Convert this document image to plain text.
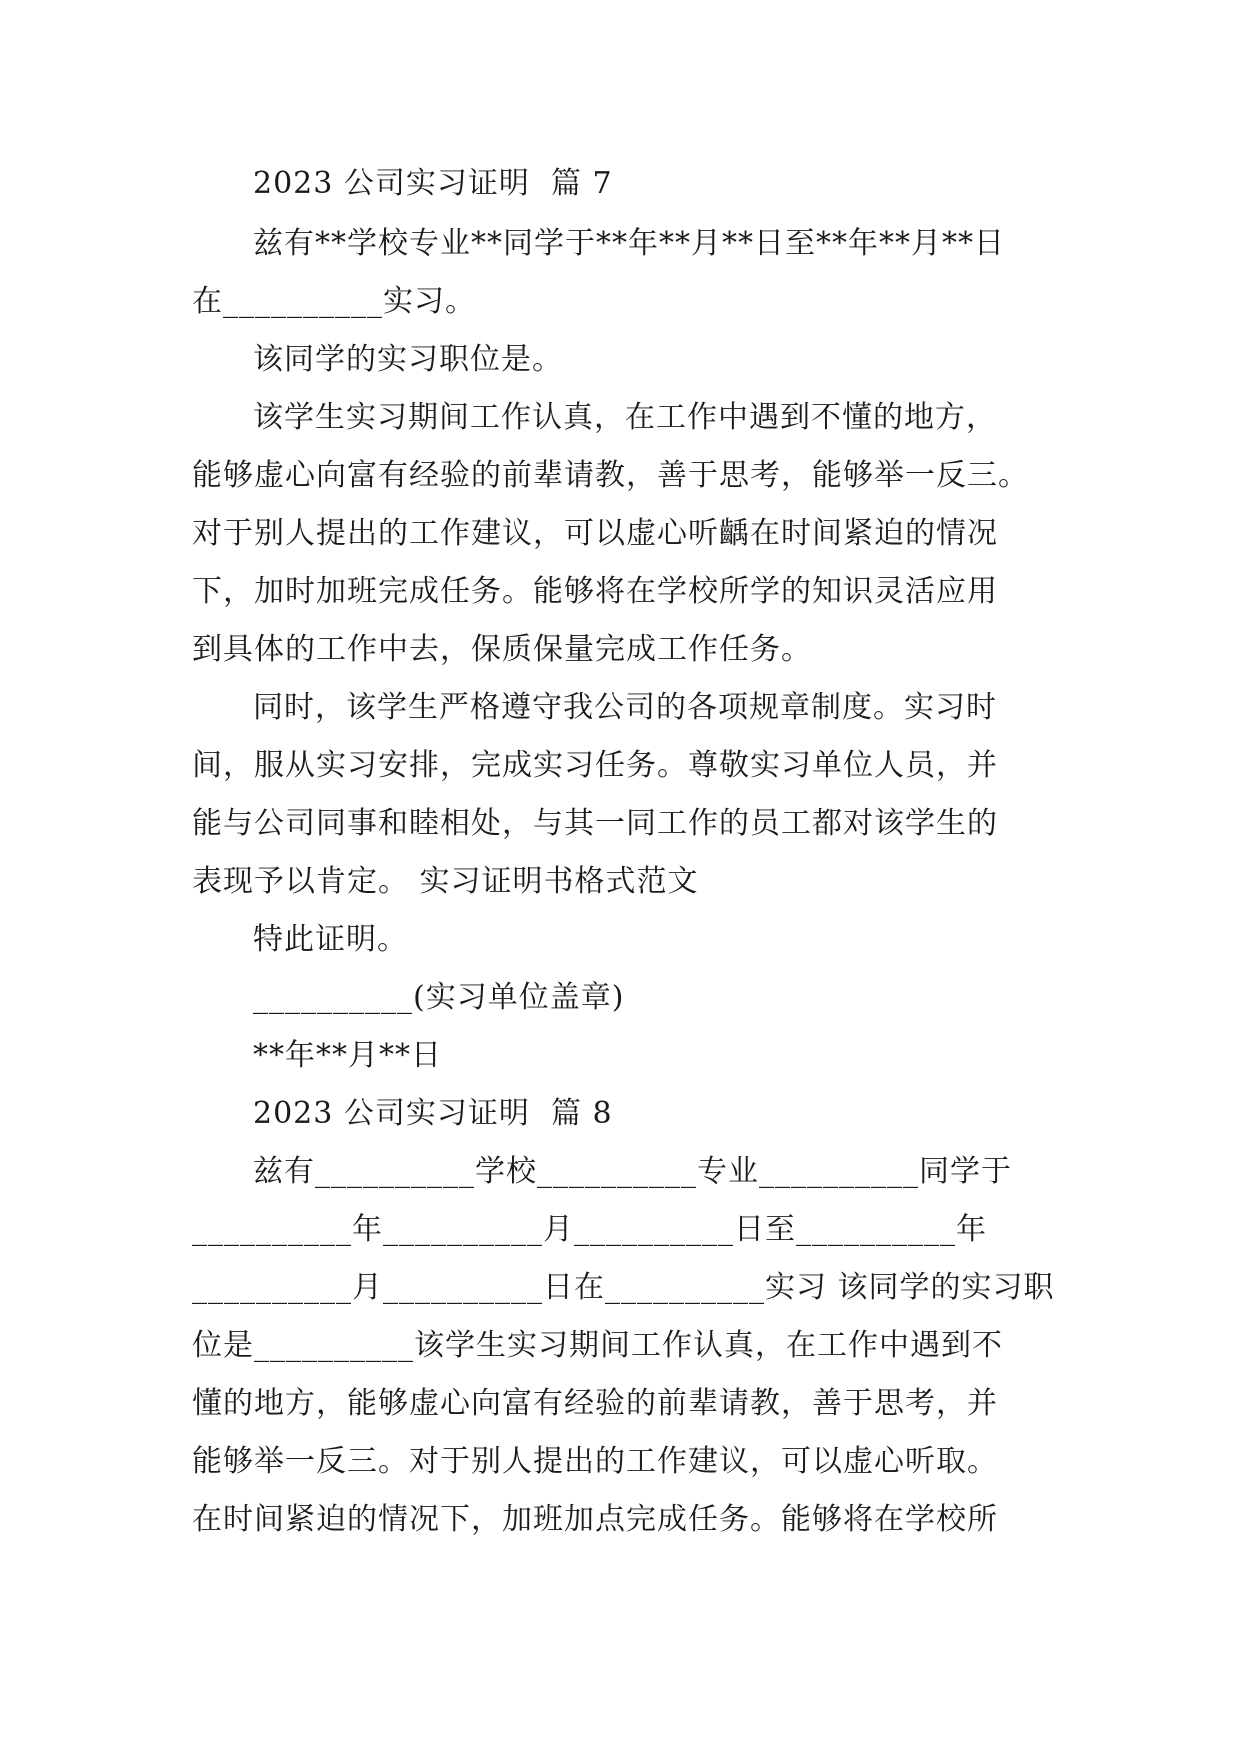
2023 公司实习证明  篇 7
兹有**学校专业**同学于**年**月**日至**年**月**日
在__________实习。
该同学的实习职位是。
该学生实习期间工作认真，在工作中遇到不懂的地方，
能够虚心向富有经验的前辈请教，善于思考，能够举一反三。
对于别人提出的工作建议，可以虚心听齲在时间紧迫的情况
下，加时加班完成任务。能够将在学校所学的知识灵活应用
到具体的工作中去，保质保量完成工作任务。
同时，该学生严格遵守我公司的各项规章制度。实习时
间，服从实习安排，完成实习任务。尊敬实习单位人员，并
能与公司同事和睦相处，与其一同工作的员工都对该学生的
表现予以肯定。 实习证明书格式范文
特此证明。
__________(实习单位盖章)
**年**月**日
2023 公司实习证明  篇 8
兹有__________学校__________专业__________同学于
__________年__________月__________日至__________年
__________月__________日在__________实习 该同学的实习职
位是__________该学生实习期间工作认真，在工作中遇到不
懂的地方，能够虚心向富有经验的前辈请教，善于思考，并
能够举一反三。对于别人提出的工作建议，可以虚心听取。
在时间紧迫的情况下，加班加点完成任务。能够将在学校所
